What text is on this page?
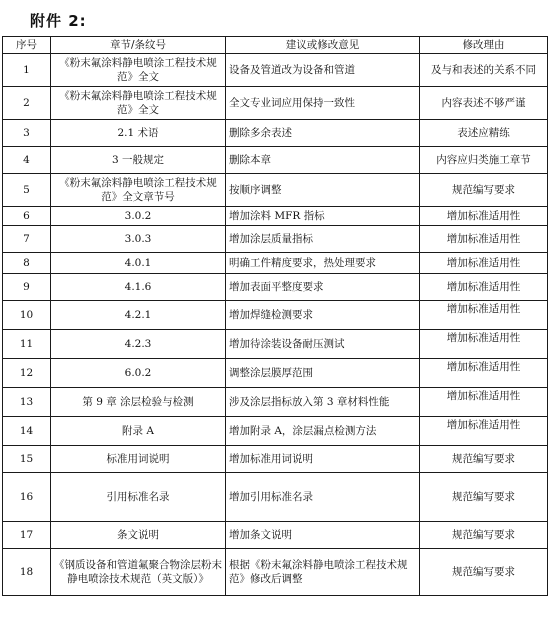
附件 2:
序号	章节/条纹号	建议或修改意见	修改理由
1	《粉末氟涂料静电喷涂工程技术规范》全文	设备及管道改为设备和管道	及与和表述的关系不同
2	《粉末氟涂料静电喷涂工程技术规范》全文	全文专业词应用保持一致性	内容表述不够严谨
3	2.1 术语	删除多余表述	表述应精练
4	3 一般规定	删除本章	内容应归类施工章节
5	《粉末氟涂料静电喷涂工程技术规范》全文章节号	按顺序调整	规范编写要求
6	3.0.2	增加涂料 MFR 指标	增加标准适用性
7	3.0.3	增加涂层质量指标	增加标准适用性
8	4.0.1	明确工件精度要求，热处理要求	增加标准适用性
9	4.1.6	增加表面平整度要求	增加标准适用性
10	4.2.1	增加焊缝检测要求	增加标准适用性
11	4.2.3	增加待涂装设备耐压测试	增加标准适用性
12	6.0.2	调整涂层膜厚范围	增加标准适用性
13	第 9 章 涂层检验与检测	涉及涂层指标放入第 3 章材料性能	增加标准适用性
14	附录 A	增加附录 A，涂层漏点检测方法	增加标准适用性
15	标准用词说明	增加标准用词说明	规范编写要求
16	引用标准名录	增加引用标准名录	规范编写要求
17	条文说明	增加条文说明	规范编写要求
18	《钢质设备和管道氟聚合物涂层粉末静电喷涂技术规范（英文版）》	根据《粉末氟涂料静电喷涂工程技术规范》修改后调整	规范编写要求
